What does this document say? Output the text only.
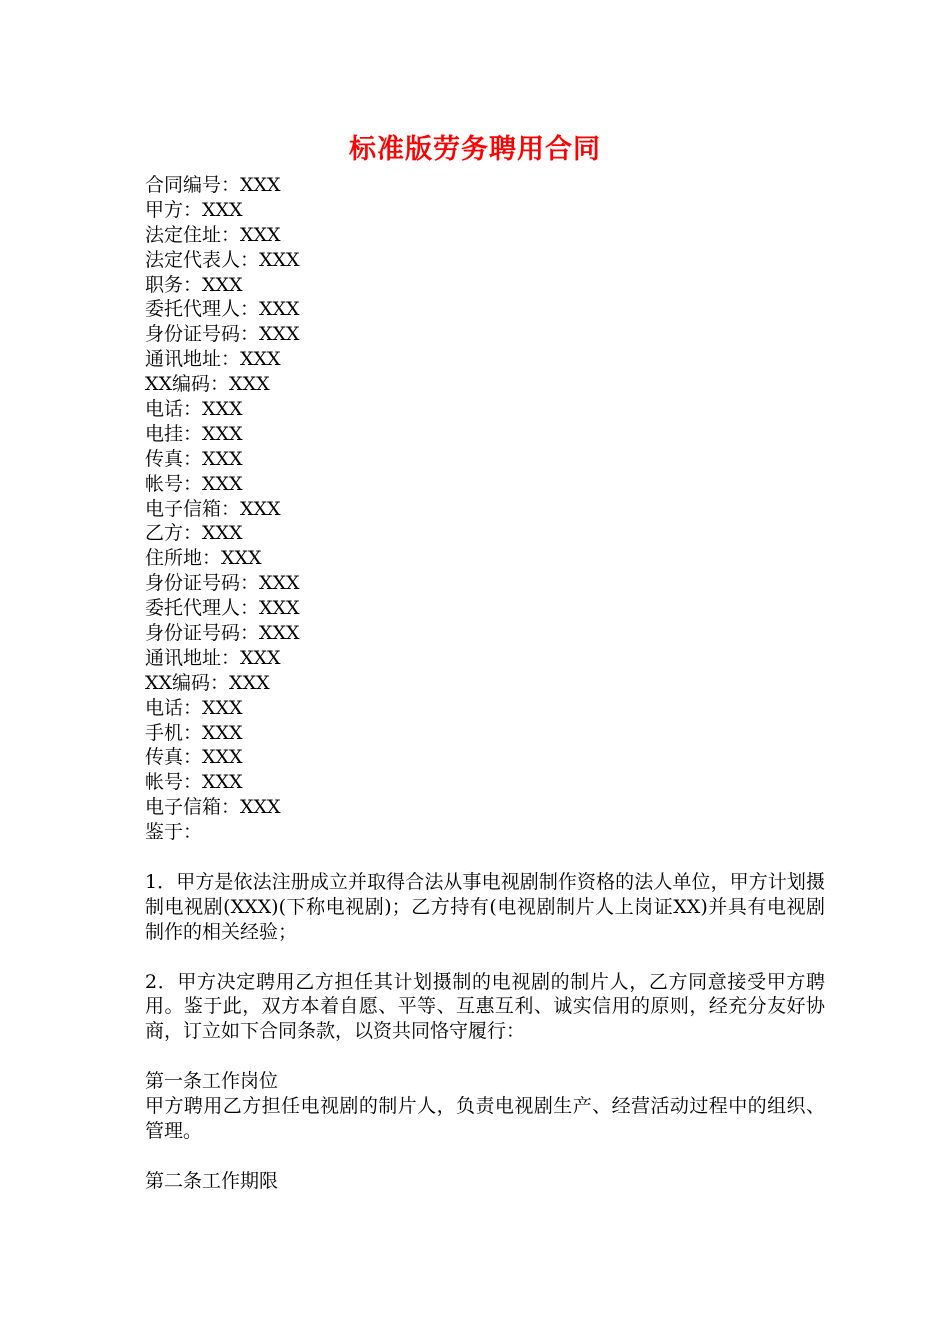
标准版劳务聘用合同
合同编号：XXX
甲方：XXX
法定住址：XXX
法定代表人：XXX
职务：XXX
委托代理人：XXX
身份证号码：XXX
通讯地址：XXX
XX编码：XXX
电话：XXX
电挂：XXX
传真：XXX
帐号：XXX
电子信箱：XXX
乙方：XXX
住所地：XXX
身份证号码：XXX
委托代理人：XXX
身份证号码：XXX
通讯地址：XXX
XX编码：XXX
电话：XXX
手机：XXX
传真：XXX
帐号：XXX
电子信箱：XXX
鉴于：

1．甲方是依法注册成立并取得合法从事电视剧制作资格的法人单位，甲方计划摄制电视剧(XXX)(下称电视剧)；乙方持有(电视剧制片人上岗证XX)并具有电视剧制作的相关经验；

2．甲方决定聘用乙方担任其计划摄制的电视剧的制片人，乙方同意接受甲方聘用。鉴于此，双方本着自愿、平等、互惠互利、诚实信用的原则，经充分友好协商，订立如下合同条款，以资共同恪守履行：

第一条工作岗位

甲方聘用乙方担任电视剧的制片人，负责电视剧生产、经营活动过程中的组织、管理。

第二条工作期限
